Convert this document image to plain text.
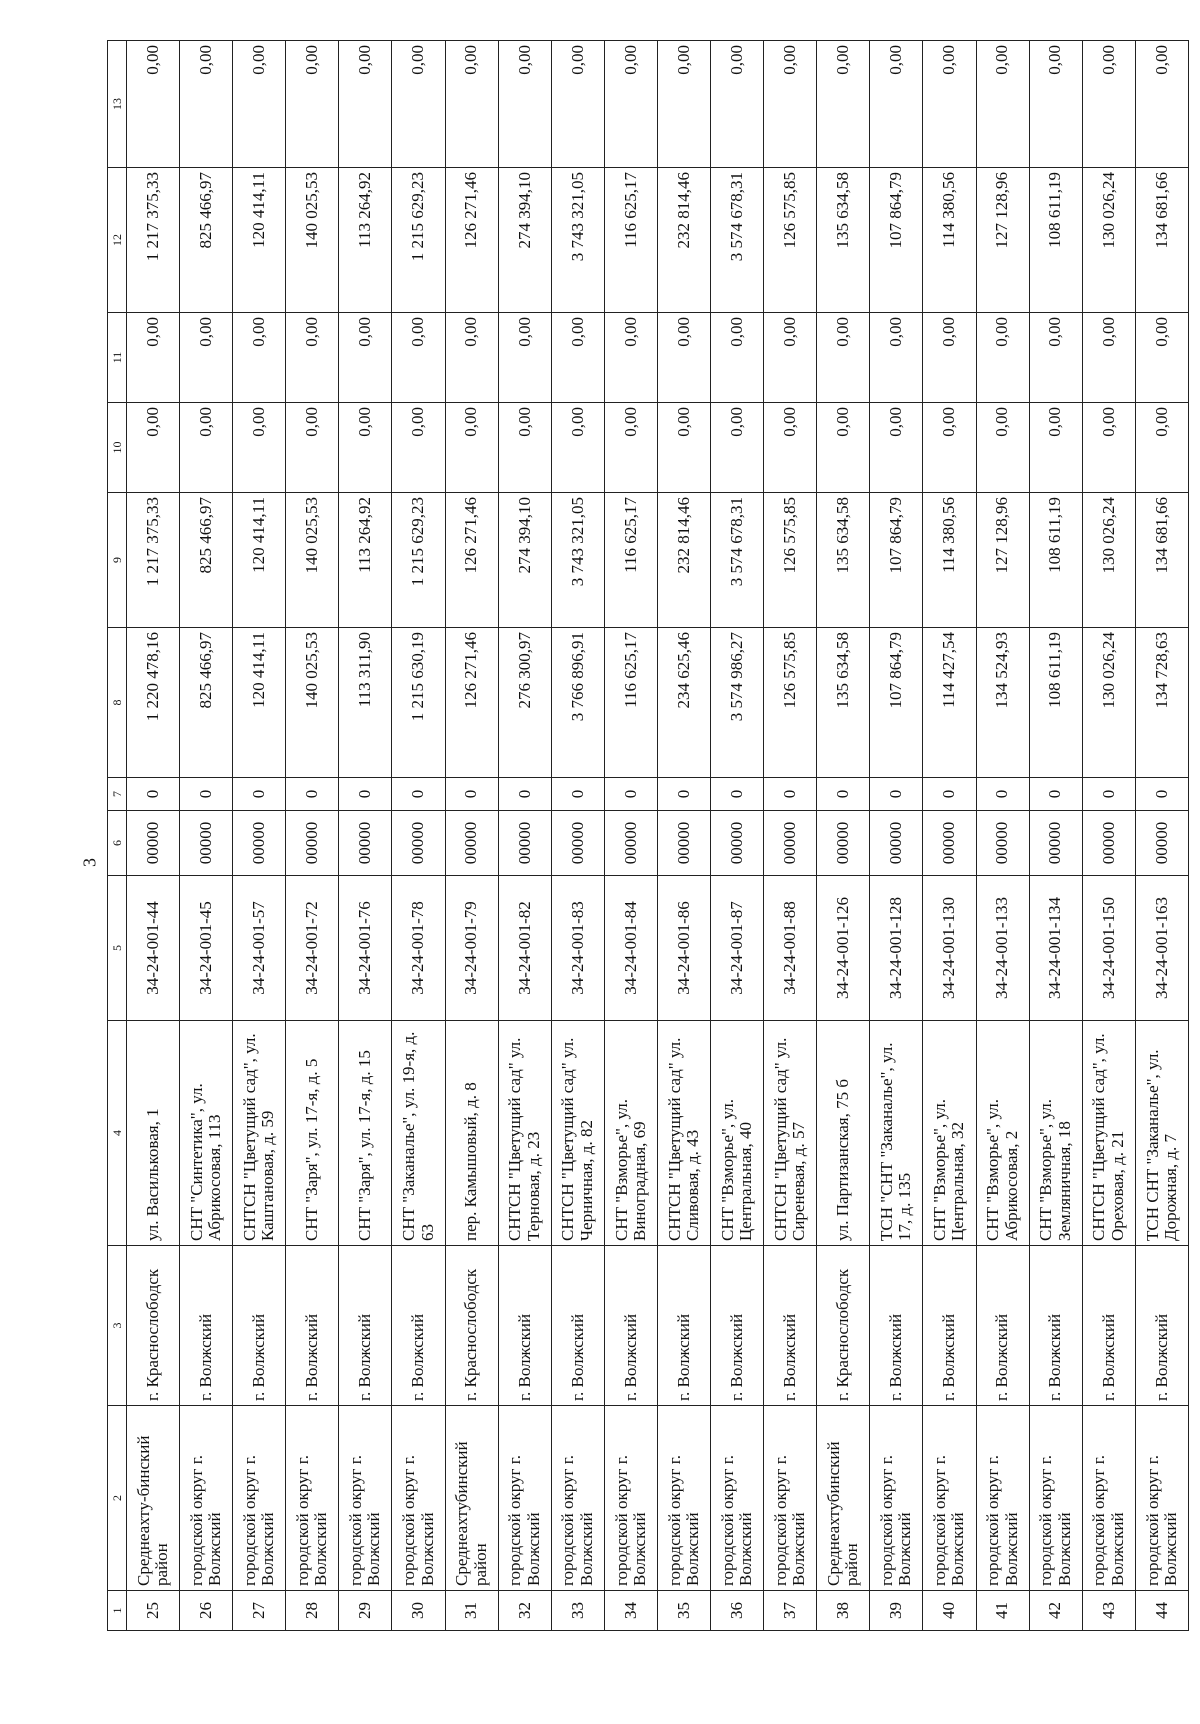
3
1	2	3	4	5	6	7	8	9	10	11	12	13
25	Среднеахту-бинский район	г. Краснослободск	ул. Васильковая, 1	34-24-001-44	00000	0	1 220 478,16	1 217 375,33	0,00	0,00	1 217 375,33	0,00
26	городской округ г. Волжский	г. Волжский	СНТ "Синтетика", ул. Абрикосовая, 113	34-24-001-45	00000	0	825 466,97	825 466,97	0,00	0,00	825 466,97	0,00
27	городской округ г. Волжский	г. Волжский	СНТСН "Цветущий сад", ул. Каштановая, д. 59	34-24-001-57	00000	0	120 414,11	120 414,11	0,00	0,00	120 414,11	0,00
28	городской округ г. Волжский	г. Волжский	СНТ "Заря", ул. 17-я, д. 5	34-24-001-72	00000	0	140 025,53	140 025,53	0,00	0,00	140 025,53	0,00
29	городской округ г. Волжский	г. Волжский	СНТ "Заря", ул. 17-я, д. 15	34-24-001-76	00000	0	113 311,90	113 264,92	0,00	0,00	113 264,92	0,00
30	городской округ г. Волжский	г. Волжский	СНТ "Заканалье", ул. 19-я, д. 63	34-24-001-78	00000	0	1 215 630,19	1 215 629,23	0,00	0,00	1 215 629,23	0,00
31	Среднеахтубинский район	г. Краснослободск	пер. Камышовый, д. 8	34-24-001-79	00000	0	126 271,46	126 271,46	0,00	0,00	126 271,46	0,00
32	городской округ г. Волжский	г. Волжский	СНТСН "Цветущий сад" ул. Терновая, д. 23	34-24-001-82	00000	0	276 300,97	274 394,10	0,00	0,00	274 394,10	0,00
33	городской округ г. Волжский	г. Волжский	СНТСН "Цветущий сад" ул. Черничная, д. 82	34-24-001-83	00000	0	3 766 896,91	3 743 321,05	0,00	0,00	3 743 321,05	0,00
34	городской округ г. Волжский	г. Волжский	СНТ "Взморье", ул. Виноградная, 69	34-24-001-84	00000	0	116 625,17	116 625,17	0,00	0,00	116 625,17	0,00
35	городской округ г. Волжский	г. Волжский	СНТСН "Цветущий сад" ул. Сливовая, д. 43	34-24-001-86	00000	0	234 625,46	232 814,46	0,00	0,00	232 814,46	0,00
36	городской округ г. Волжский	г. Волжский	СНТ "Взморье", ул. Центральная, 40	34-24-001-87	00000	0	3 574 986,27	3 574 678,31	0,00	0,00	3 574 678,31	0,00
37	городской округ г. Волжский	г. Волжский	СНТСН "Цветущий сад" ул. Сиреневая, д. 57	34-24-001-88	00000	0	126 575,85	126 575,85	0,00	0,00	126 575,85	0,00
38	Среднеахтубинский район	г. Краснослободск	ул. Партизанская, 75 б	34-24-001-126	00000	0	135 634,58	135 634,58	0,00	0,00	135 634,58	0,00
39	городской округ г. Волжский	г. Волжский	ТСН "СНТ "Заканалье", ул. 17, д. 135	34-24-001-128	00000	0	107 864,79	107 864,79	0,00	0,00	107 864,79	0,00
40	городской округ г. Волжский	г. Волжский	СНТ "Взморье", ул. Центральная, 32	34-24-001-130	00000	0	114 427,54	114 380,56	0,00	0,00	114 380,56	0,00
41	городской округ г. Волжский	г. Волжский	СНТ "Взморье", ул. Абрикосовая, 2	34-24-001-133	00000	0	134 524,93	127 128,96	0,00	0,00	127 128,96	0,00
42	городской округ г. Волжский	г. Волжский	СНТ "Взморье", ул. Земляничная, 18	34-24-001-134	00000	0	108 611,19	108 611,19	0,00	0,00	108 611,19	0,00
43	городской округ г. Волжский	г. Волжский	СНТСН "Цветущий сад", ул. Ореховая, д. 21	34-24-001-150	00000	0	130 026,24	130 026,24	0,00	0,00	130 026,24	0,00
44	городской округ г. Волжский	г. Волжский	ТСН СНТ "Заканалье", ул. Дорожная, д. 7	34-24-001-163	00000	0	134 728,63	134 681,66	0,00	0,00	134 681,66	0,00
